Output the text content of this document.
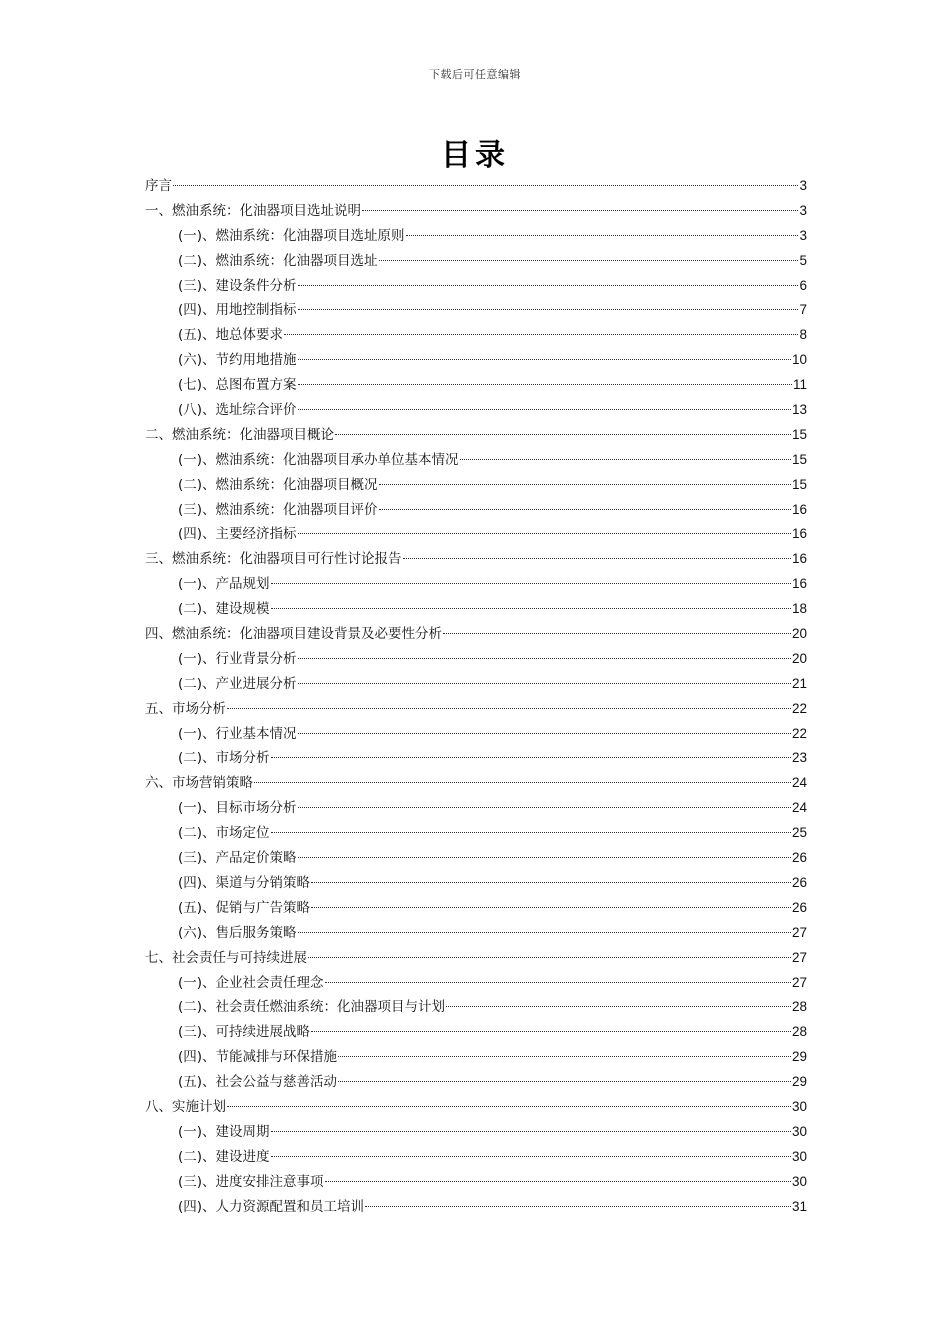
下载后可任意编辑
目录
序言	3
一、燃油系统：化油器项目选址说明	3
(一)、燃油系统：化油器项目选址原则	3
(二)、燃油系统：化油器项目选址	5
(三)、建设条件分析	6
(四)、用地控制指标	7
(五)、地总体要求	8
(六)、节约用地措施	10
(七)、总图布置方案	11
(八)、选址综合评价	13
二、燃油系统：化油器项目概论	15
(一)、燃油系统：化油器项目承办单位基本情况	15
(二)、燃油系统：化油器项目概况	15
(三)、燃油系统：化油器项目评价	16
(四)、主要经济指标	16
三、燃油系统：化油器项目可行性讨论报告	16
(一)、产品规划	16
(二)、建设规模	18
四、燃油系统：化油器项目建设背景及必要性分析	20
(一)、行业背景分析	20
(二)、产业进展分析	21
五、市场分析	22
(一)、行业基本情况	22
(二)、市场分析	23
六、市场营销策略	24
(一)、目标市场分析	24
(二)、市场定位	25
(三)、产品定价策略	26
(四)、渠道与分销策略	26
(五)、促销与广告策略	26
(六)、售后服务策略	27
七、社会责任与可持续进展	27
(一)、企业社会责任理念	27
(二)、社会责任燃油系统：化油器项目与计划	28
(三)、可持续进展战略	28
(四)、节能减排与环保措施	29
(五)、社会公益与慈善活动	29
八、实施计划	30
(一)、建设周期	30
(二)、建设进度	30
(三)、进度安排注意事项	30
(四)、人力资源配置和员工培训	31
